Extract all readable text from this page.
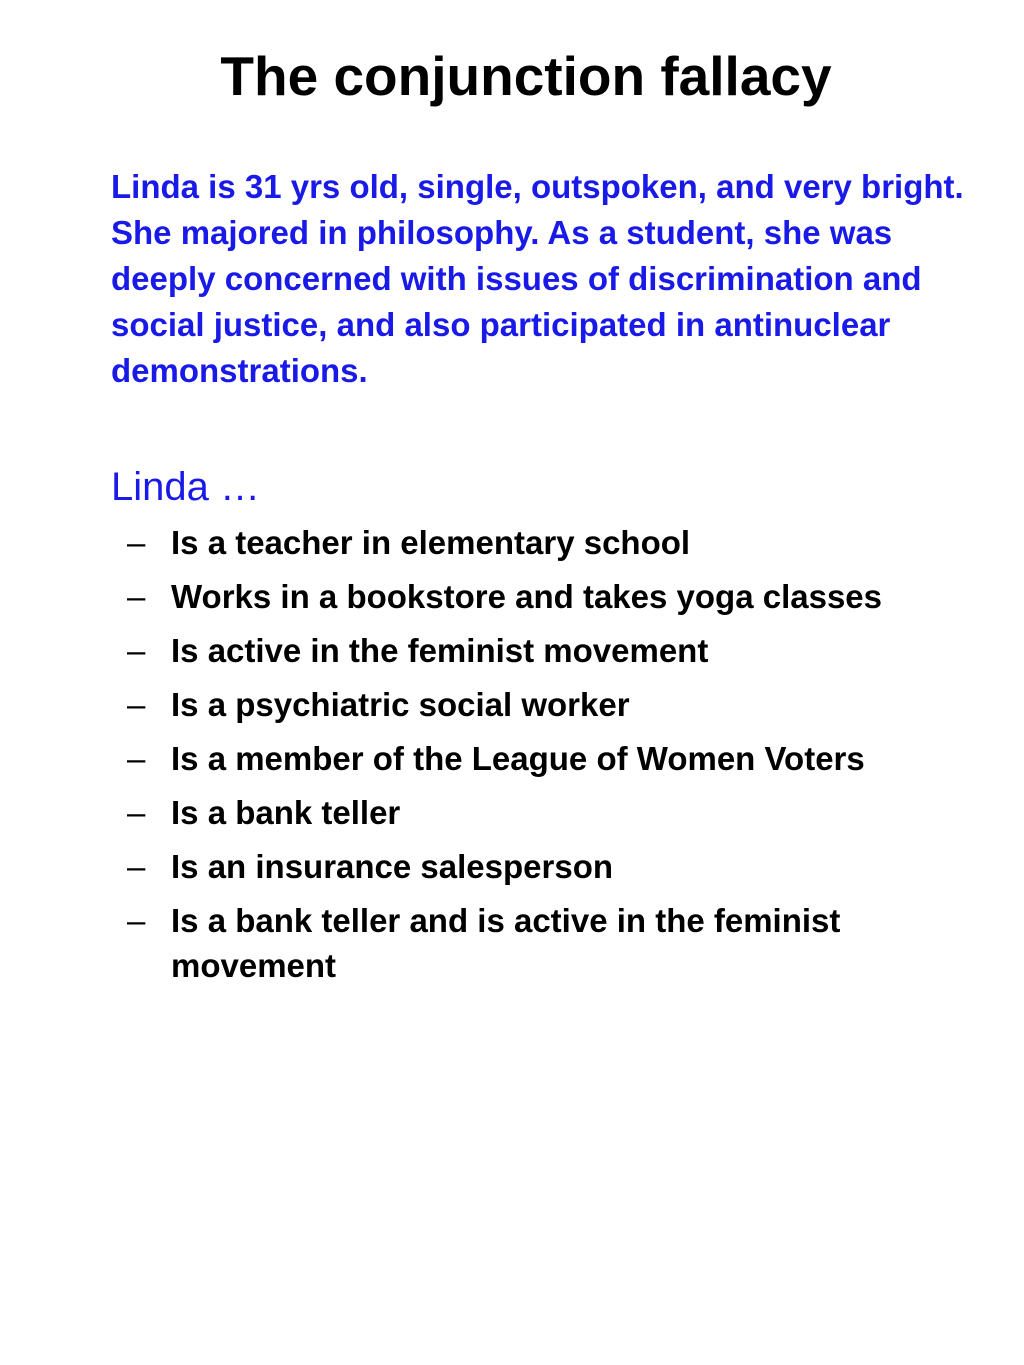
The conjunction fallacy

Linda is 31 yrs old, single, outspoken, and very bright. She majored in philosophy. As a student, she was deeply concerned with issues of discrimination and social justice, and also participated in antinuclear demonstrations.

Linda …

– Is a teacher in elementary school
– Works in a bookstore and takes yoga classes
– Is active in the feminist movement
– Is a psychiatric social worker
– Is a member of the League of Women Voters
– Is a bank teller
– Is an insurance salesperson
– Is a bank teller and is active in the feminist movement
